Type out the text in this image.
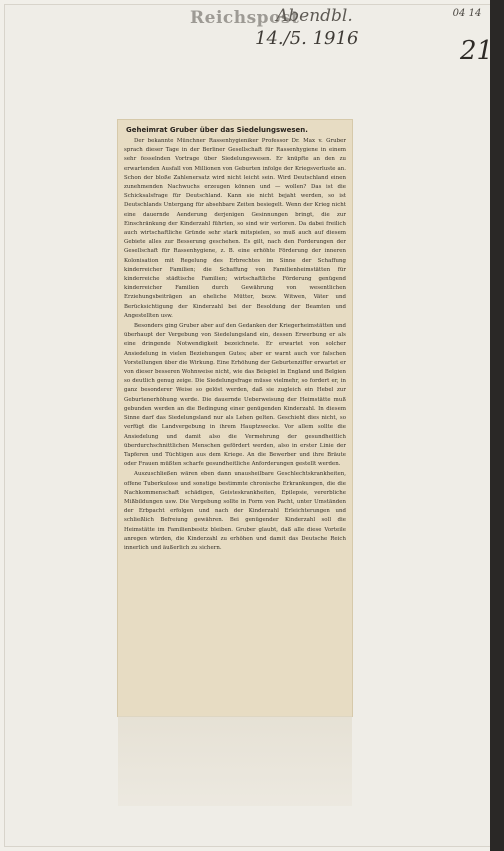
Reichspost
Abendbl.
14./5. 1916
04 14
21
Geheimrat Gruber über das Siedelungswesen.

Der bekannte Münchner Rassenhygieniker Professor Dr. Max v. Gruber sprach dieser Tage in der Berliner Gesellschaft für Rassenhygiene in einem sehr fesselnden Vortrage über Siedelungswesen. Er knüpfte an den zu erwartenden Ausfall von Millionen von Geburten infolge der Kriegsverluste an. Schon der bloße Zahlenersatz wird nicht leicht sein. Wird Deutschland einen zunehmenden Nachwuchs erzeugen können und — wollen? Das ist die Schicksalsfrage für Deutschland. Kann sie nicht bejaht werden, so ist Deutschlands Untergang für absehbare Zeiten besiegelt. Wenn der Krieg nicht eine dauernde Aenderung derjenigen Gesinnungen bringt, die zur Einschränkung der Kinderzahl führten, so sind wir verloren. Da dabei freilich auch wirtschaftliche Gründe sehr stark mitspielen, so muß auch auf diesem Gebiete alles zur Besserung geschehen. Es gilt, nach den Forderungen der Gesellschaft für Rassenhygiene, z. B. eine erhöhte Förderung der inneren Kolonisation mit Regelung des Erbrechtes im Sinne der Schaffung kinderreicher Familien; die Schaffung von Familienheimstätten für kinderreiche städtische Familien; wirtschaftliche Förderung genügend kinderreicher Familien durch Gewährung von wesentlichen Erziehungsbeiträgen an eheliche Mütter, bezw. Witwen, Väter und Berücksichtigung der Kinderzahl bei der Besoldung der Beamten und Angestellten usw.

Besonders ging Gruber aber auf den Gedanken der Kriegerheimstätten und überhaupt der Vergebung von Siedelungsland ein, dessen Erwerbung er als eine dringende Notwendigkeit bezeichnete. Er erwartet von solcher Ansiedelung in vielen Beziehungen Gutes; aber er warnt auch vor falschen Vorstellungen über die Wirkung. Eine Erhöhung der Geburtenziffer erwartet er von dieser besseren Wohnweise nicht, wie das Beispiel in England und Belgien so deutlich genug zeige. Die Siedelungsfrage müsse vielmehr, so fordert er, in ganz besonderer Weise so gelöst werden, daß sie zugleich ein Hebel zur Geburtenerhöhung werde. Die dauernde Ueberweisung der Heimstätte muß gebunden werden an die Bedingung einer genügenden Kinderzahl. In diesem Sinne darf das Siedelungsland nur als Lehen gelten. Geschieht dies nicht, so verfügt die Landvergebung in ihrem Hauptzwecke. Vor allem sollte die Ansiedelung und damit also die Vermehrung der gesundheitlich überdurchschnittlichen Menschen gefördert werden, also in erster Linie der Tapferen und Tüchtigen aus dem Kriege. An die Bewerber und ihre Bräute oder Frauen müßten scharfe gesundheitliche Anforderungen gestellt werden.

Auszuschließen wären eben dann unausheilbare Geschlechtskrankheiten, offene Tuberkulose und sonstige bestimmte chronische Erkrankungen, die die Nachkommenschaft schädigen, Geisteskrankheiten, Epilepsie, vererbliche Mißbildungen usw. Die Vergebung sollte in Form von Pacht, unter Umständen der Erbpacht erfolgen und nach der Kinderzahl Erleichterungen und schließlich Befreiung gewähren. Bei genügender Kinderzahl soll die Heimstätte im Familienbesitz bleiben. Gruber glaubt, daß alle diese Vorteile anregen würden, die Kinderzahl zu erhöhen und damit das Deutsche Reich innerlich und äußerlich zu sichern.
